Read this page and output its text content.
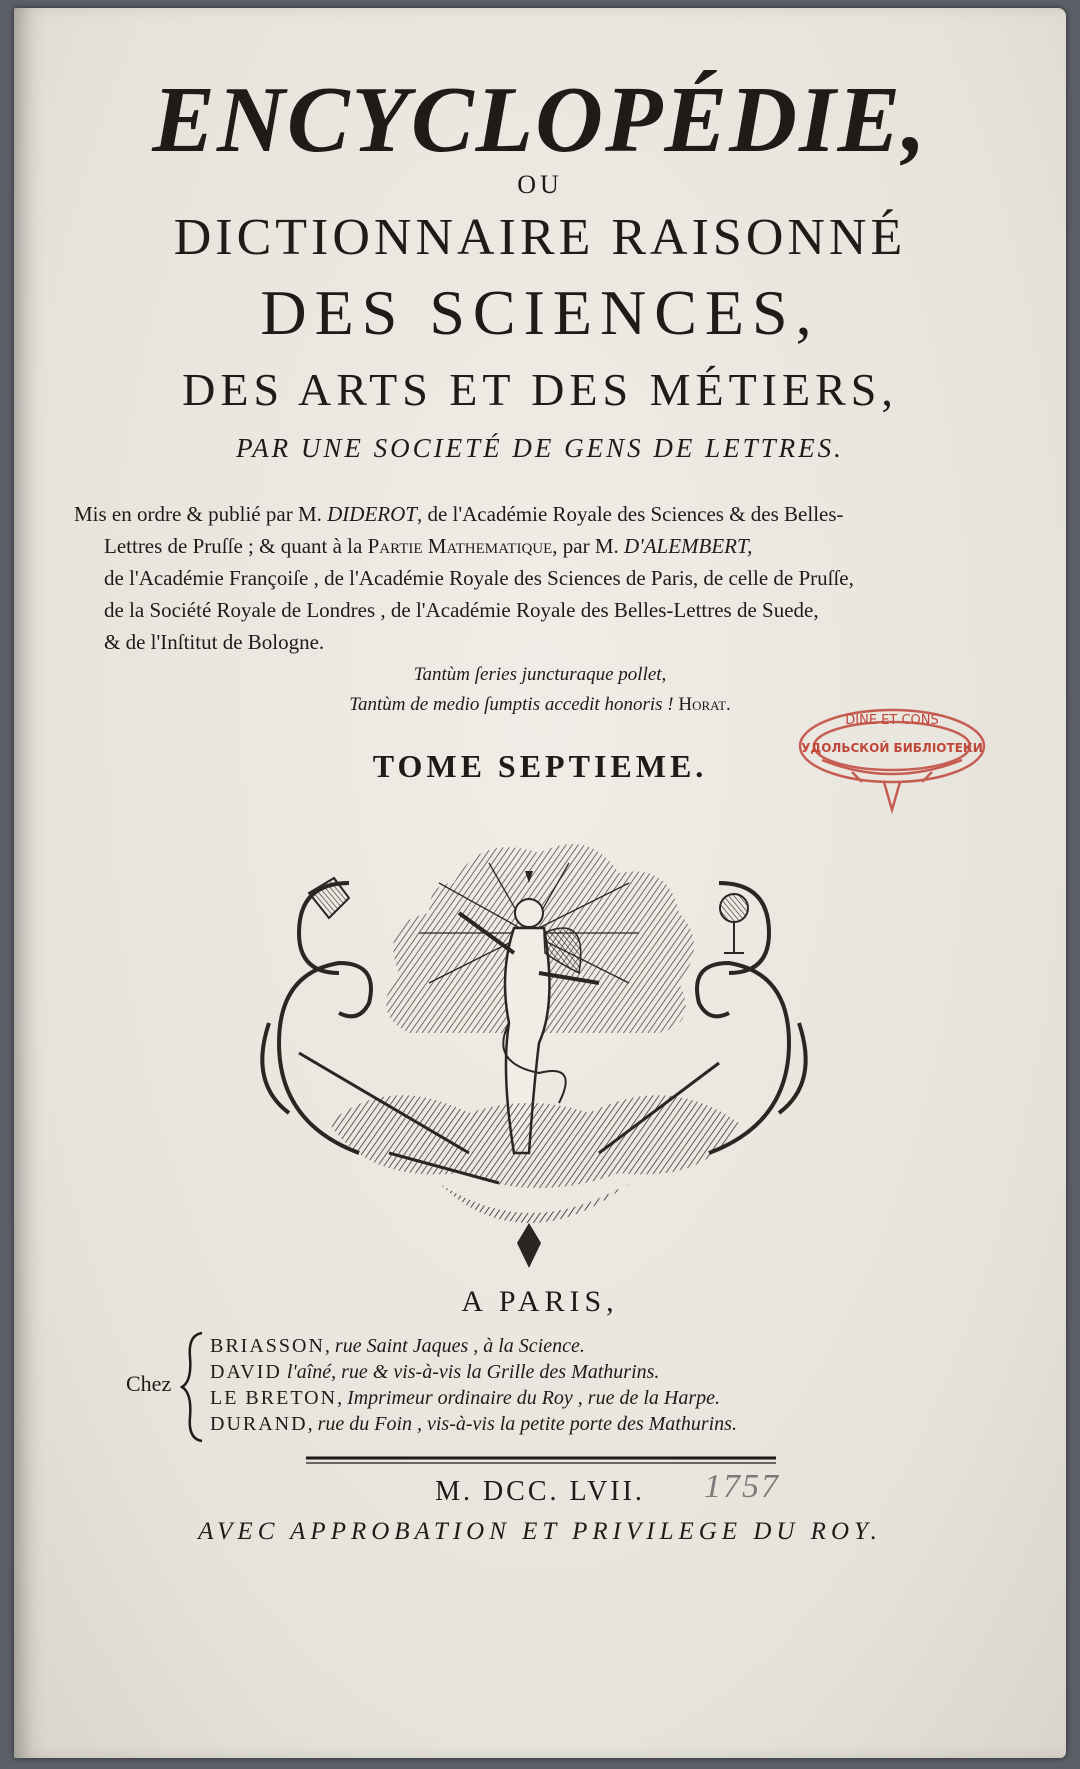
ENCYCLOPÉDIE,
OU
DICTIONNAIRE RAISONNÉ
DES SCIENCES,
DES ARTS ET DES MÉTIERS,
PAR UNE SOCIETÉ DE GENS DE LETTRES.
Mis en ordre & publié par M. DIDEROT, de l'Académie Royale des Sciences & des Belles-
Lettres de Pruſſe ; & quant à la Partie Mathematique, par M. D'ALEMBERT,
de l'Académie Françoiſe , de l'Académie Royale des Sciences de Paris, de celle de Pruſſe,
de la Société Royale de Londres , de l'Académie Royale des Belles-Lettres de Suede,
& de l'Inſtitut de Bologne.
Tantùm ſeries juncturaque pollet,
Tantùm de medio ſumptis accedit honoris ! Horat.
TOME SEPTIEME.
DINE ET CONS
УДОЛЬСКОЙ БИБЛІОТЕКИ
A PARIS,
Chez
BRIASSON, rue Saint Jaques , à la Science.
DAVID l'aîné, rue & vis-à-vis la Grille des Mathurins.
LE BRETON, Imprimeur ordinaire du Roy , rue de la Harpe.
DURAND, rue du Foin , vis-à-vis la petite porte des Mathurins.
M. DCC. LVII.	1757
AVEC APPROBATION ET PRIVILEGE DU ROY.
